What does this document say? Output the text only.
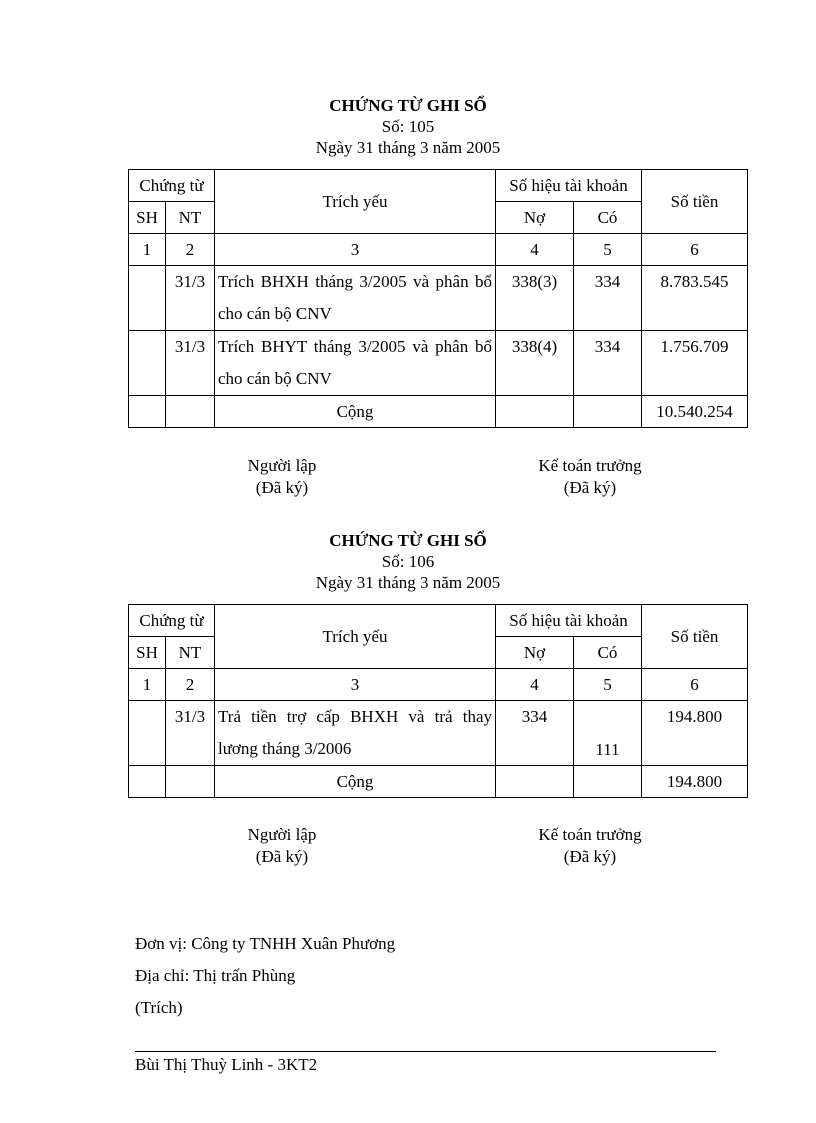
CHỨNG TỪ GHI SỔ
Số: 105
Ngày 31 tháng 3 năm 2005
Chứng từ		Trích yếu	Số hiệu tài khoản		Số tiền
SH	NT		Nợ	Có	
1	2	3	4	5	6
	31/3	Trích BHXH tháng 3/2005 và phân bổ cho cán bộ CNV	338(3)	334	8.783.545
	31/3	Trích BHYT tháng 3/2005 và phân bổ cho cán bộ CNV	338(4)	334	1.756.709
		Cộng			10.540.254
Người lập
(Đã ký)
Kế toán trưởng
(Đã ký)
CHỨNG TỪ GHI SỔ
Số: 106
Ngày 31 tháng 3 năm 2005
Chứng từ		Trích yếu	Số hiệu tài khoản		Số tiền
SH	NT		Nợ	Có	
1	2	3	4	5	6
	31/3	Trả tiền trợ cấp BHXH và trả thay lương tháng 3/2006	334	111	194.800
		Cộng			194.800
Người lập
(Đã ký)
Kế toán trưởng
(Đã ký)
Đơn vị: Công ty TNHH Xuân Phương
Địa chỉ: Thị trấn Phùng
(Trích)
Bùi Thị Thuỳ Linh - 3KT2
